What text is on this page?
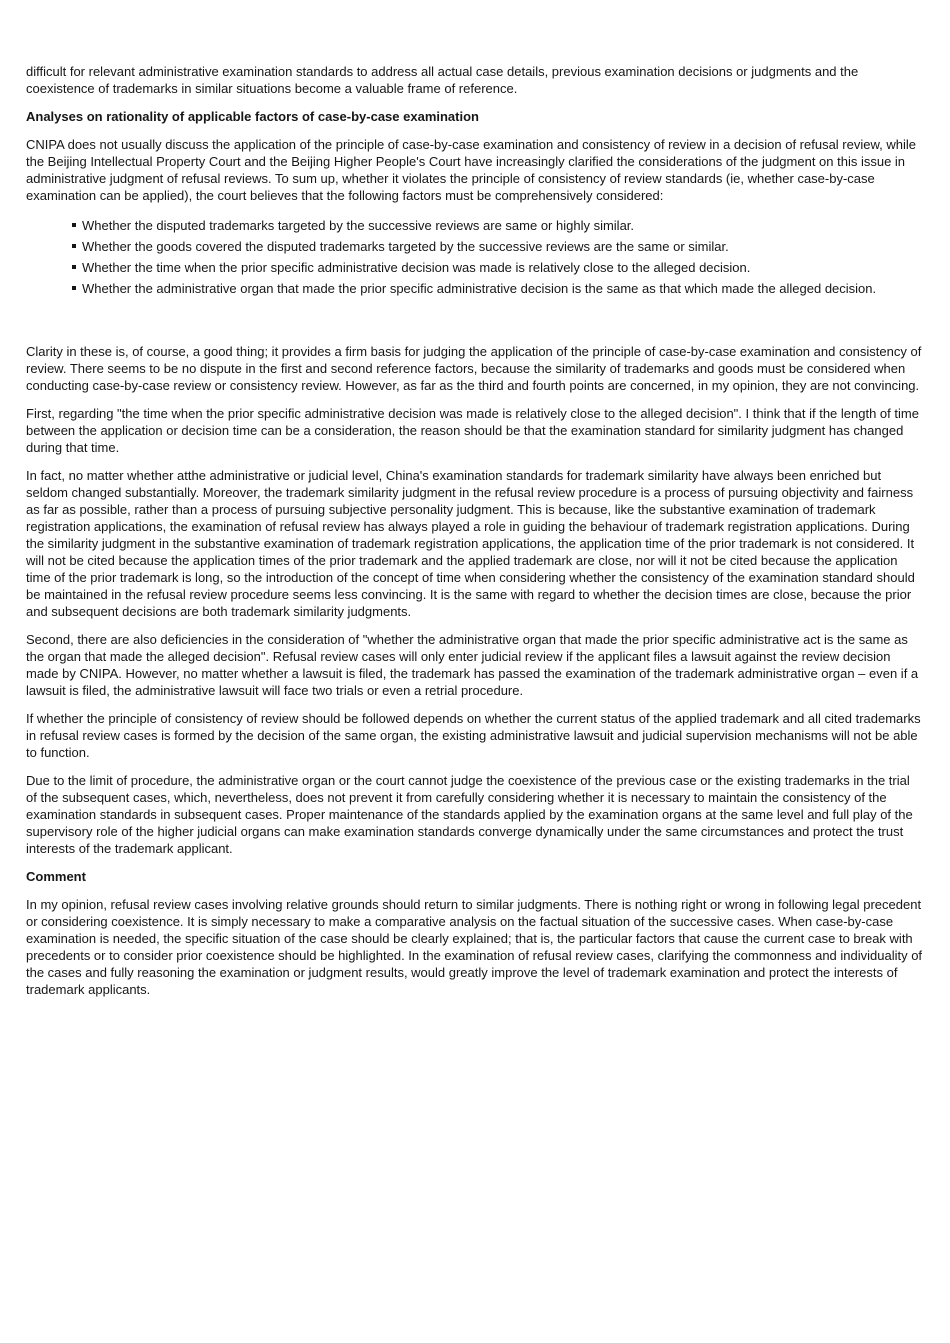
difficult for relevant administrative examination standards to address all actual case details, previous examination decisions or judgments and the coexistence of trademarks in similar situations become a valuable frame of reference.

Analyses on rationality of applicable factors of case-by-case examination

CNIPA does not usually discuss the application of the principle of case-by-case examination and consistency of review in a decision of refusal review, while the Beijing Intellectual Property Court and the Beijing Higher People's Court have increasingly clarified the considerations of the judgment on this issue in administrative judgment of refusal reviews. To sum up, whether it violates the principle of consistency of review standards (ie, whether case-by-case examination can be applied), the court believes that the following factors must be comprehensively considered:

Whether the disputed trademarks targeted by the successive reviews are same or highly similar.
Whether the goods covered the disputed trademarks targeted by the successive reviews are the same or similar.
Whether the time when the prior specific administrative decision was made is relatively close to the alleged decision.
Whether the administrative organ that made the prior specific administrative decision is the same as that which made the alleged decision.

Clarity in these is, of course, a good thing; it provides a firm basis for judging the application of the principle of case-by-case examination and consistency of review. There seems to be no dispute in the first and second reference factors, because the similarity of trademarks and goods must be considered when conducting case-by-case review or consistency review. However, as far as the third and fourth points are concerned, in my opinion, they are not convincing.

First, regarding "the time when the prior specific administrative decision was made is relatively close to the alleged decision". I think that if the length of time between the application or decision time can be a consideration, the reason should be that the examination standard for similarity judgment has changed during that time.

In fact, no matter whether atthe administrative or judicial level, China's examination standards for trademark similarity have always been enriched but seldom changed substantially. Moreover, the trademark similarity judgment in the refusal review procedure is a process of pursuing objectivity and fairness as far as possible, rather than a process of pursuing subjective personality judgment. This is because, like the substantive examination of trademark registration applications, the examination of refusal review has always played a role in guiding the behaviour of trademark registration applications. During the similarity judgment in the substantive examination of trademark registration applications, the application time of the prior trademark is not considered. It will not be cited because the application times of the prior trademark and the applied trademark are close, nor will it not be cited because the application time of the prior trademark is long, so the introduction of the concept of time when considering whether the consistency of the examination standard should be maintained in the refusal review procedure seems less convincing. It is the same with regard to whether the decision times are close, because the prior and subsequent decisions are both trademark similarity judgments.

Second, there are also deficiencies in the consideration of "whether the administrative organ that made the prior specific administrative act is the same as the organ that made the alleged decision". Refusal review cases will only enter judicial review if the applicant files a lawsuit against the review decision made by CNIPA. However, no matter whether a lawsuit is filed, the trademark has passed the examination of the trademark administrative organ – even if a lawsuit is filed, the administrative lawsuit will face two trials or even a retrial procedure.

If whether the principle of consistency of review should be followed depends on whether the current status of the applied trademark and all cited trademarks in refusal review cases is formed by the decision of the same organ, the existing administrative lawsuit and judicial supervision mechanisms will not be able to function.

Due to the limit of procedure, the administrative organ or the court cannot judge the coexistence of the previous case or the existing trademarks in the trial of the subsequent cases, which, nevertheless, does not prevent it from carefully considering whether it is necessary to maintain the consistency of the examination standards in subsequent cases. Proper maintenance of the standards applied by the examination organs at the same level and full play of the supervisory role of the higher judicial organs can make examination standards converge dynamically under the same circumstances and protect the trust interests of the trademark applicant.

Comment

In my opinion, refusal review cases involving relative grounds should return to similar judgments. There is nothing right or wrong in following legal precedent or considering coexistence. It is simply necessary to make a comparative analysis on the factual situation of the successive cases. When case-by-case examination is needed, the specific situation of the case should be clearly explained; that is, the particular factors that cause the current case to break with precedents or to consider prior coexistence should be highlighted. In the examination of refusal review cases, clarifying the commonness and individuality of the cases and fully reasoning the examination or judgment results, would greatly improve the level of trademark examination and protect the interests of trademark applicants.
